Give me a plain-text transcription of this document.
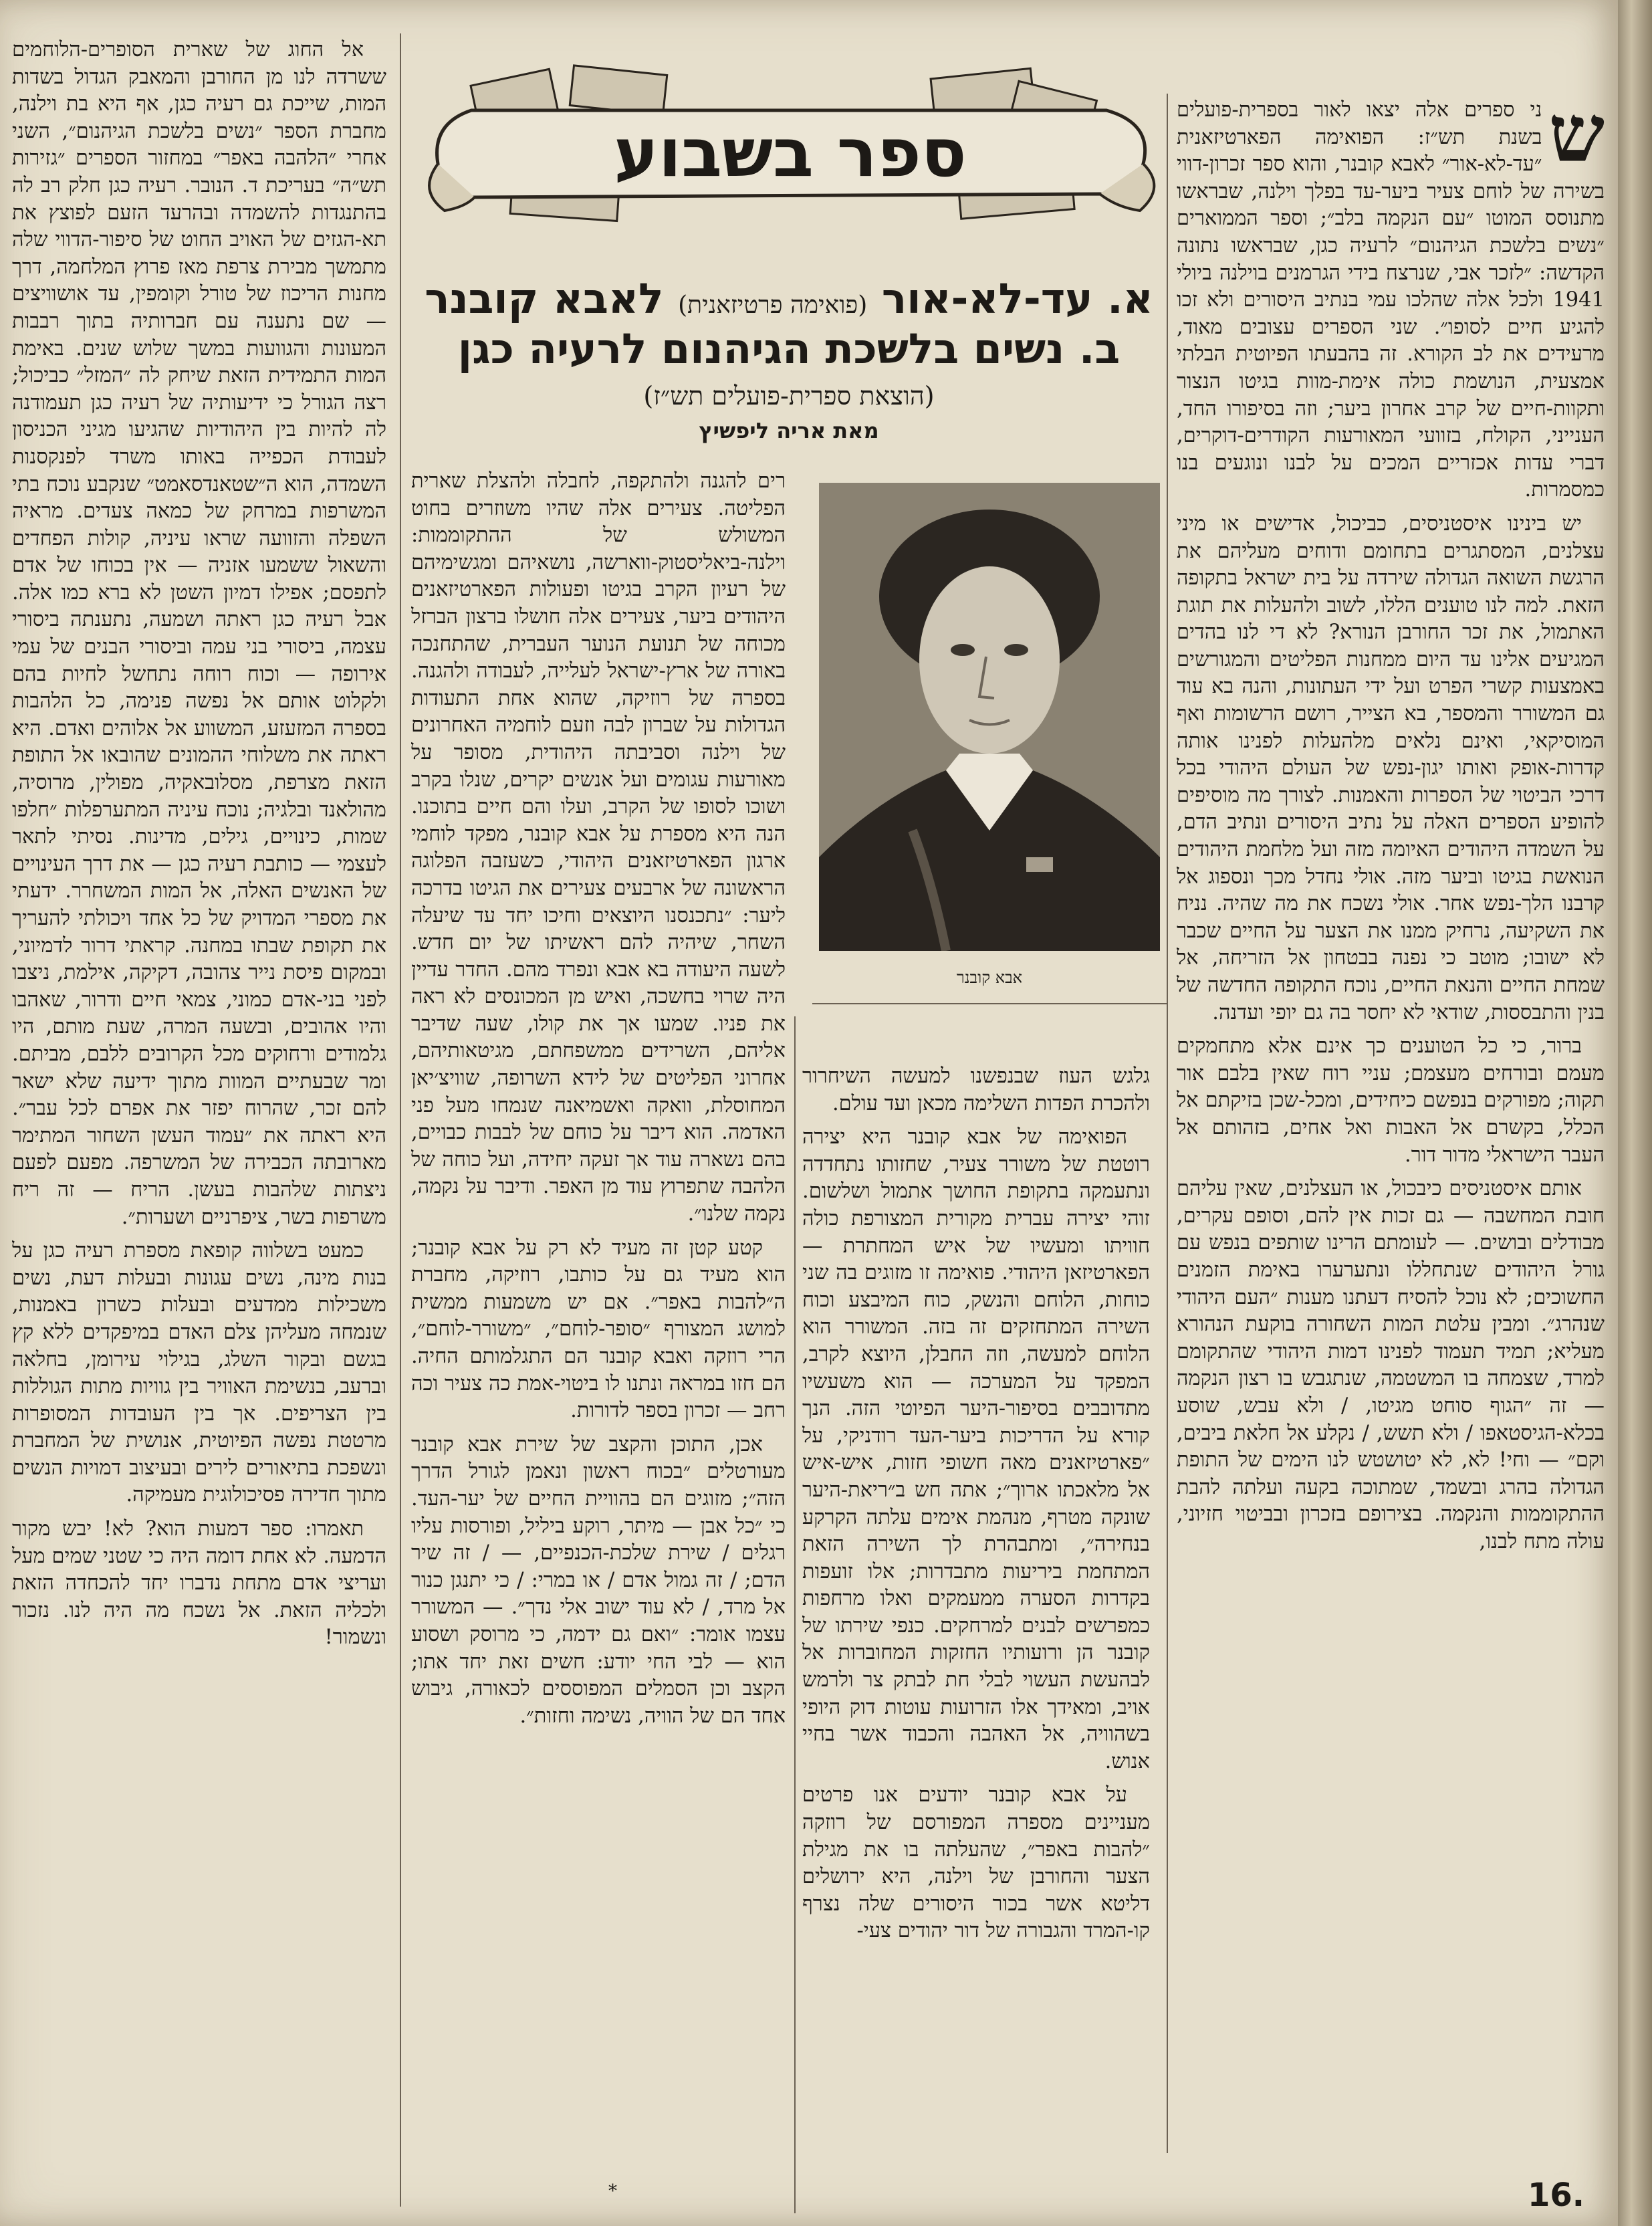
ש

ני ספרים אלה יצאו לאור בספרית-פועלים בשנת תש״ז: הפואימה הפארטיזאנית ״עד-לא-אור״ לאבא קובנר, והוא ספר זכרון-דווי בשירה של לוחם צעיר ביער-עד בפלך וילנה, שבראשו מתנוסס המוטו ״עם הנקמה בלב״; וספר הממוארים ״נשים בלשכת הגיהנום״ לרעיה כגן, שבראשו נתונה הקדשה: ״לזכר אבי, שנרצח בידי הגרמנים בוילנה ביולי 1941 ולכל אלה שהלכו עמי בנתיב היסורים ולא זכו להגיע חיים לסופו״. שני הספרים עצובים מאוד, מרעידים את לב הקורא. זה בהבעתו הפיוטית הבלתי אמצעית, הנושמת כולה אימת-מוות בגיטו הנצור ותקוות-חיים של קרב אחרון ביער; וזה בסיפורו החד, הענייני, הקולח, בזוועי המאורעות הקודרים-דוקרים, דברי עדות אכזריים המכים על לבנו ונוגעים בנו כמסמרות.

יש בינינו איסטניסים, כביכול, אדישים או מיני עצלנים, המסתגרים בתחומם ודוחים מעליהם את הרגשת השואה הגדולה שירדה על בית ישראל בתקופה הזאת. למה לנו טוענים הללו, לשוב ולהעלות את תוגת האתמול, את זכר החורבן הנורא? לא די לנו בהדים המגיעים אלינו עד היום ממחנות הפליטים והמגורשים באמצעות קשרי הפרט ועל ידי העתונות, והנה בא עוד גם המשורר והמספר, בא הצייר, רושם הרשומות ואף המוסיקאי, ואינם נלאים מלהעלות לפנינו אותה קדרות-אופק ואותו יגון-נפש של העולם היהודי בכל דרכי הביטוי של הספרות והאמנות. לצורך מה מוסיפים להופיע הספרים האלה על נתיב היסורים ונתיב הדם, על השמדה היהודים האיומה מזה ועל מלחמת היהודים הנואשת בגיטו וביער מזה. אולי נחדל מכך ונספוג אל קרבנו הלך-נפש אחר. אולי נשכח את מה שהיה. נניח את השקיעה, נרחיק ממנו את הצער על החיים שכבר לא ישובו; מוטב כי נפנה בבטחון אל הזריחה, אל שמחת החיים והנאת החיים, נוכח התקופה החדשה של בנין והתבססות, שודאי לא יחסר בה גם יופי ועדנה.

ברור, כי כל הטוענים כך אינם אלא מתחמקים מעמם ובורחים מעצמם; עניי רוח שאין בלבם אור תקוה; מפורקים בנפשם כיחידים, ומכל-שכן בזיקתם אל הכלל, בקשרם אל האבות ואל אחים, בזהותם אל העבר הישראלי מדור דור.

אותם איסטניסים כיבכול, או העצלנים, שאין עליהם חובת המחשבה — גם זכות אין להם, וסופם עקרים, מבודלים ובושים. — לעומתם הרינו שותפים בנפש עם גורל היהודים שנתחללו ונתערערו באימת הזמנים החשוכים; לא נוכל להסיח דעתנו מענות ״העם היהודי שנהרג״. ומבין עלטת המות השחורה בוקעת הנהורא מעליא; תמיד תעמוד לפנינו דמות היהודי שהתקומם למרד, שצמחה בו המשטמה, שנתגבש בו רצון הנקמה — זה ״הגוף סוחט מגיטו, / ולא עבש, שוסע בכלא-הגיסטאפו / ולא תשש, / נקלע אל חלאת ביבים, וקם״ — וחי! לא, לא יטושטש לנו הימים של התופת הגדולה בהרג ובשמד, שמתוכה בקעה ועלתה להבת ההתקוממות והנקמה. בצירופם בזכרון ובביטוי חזיוני, עולה מתח לבנו,

ספר בשבוע
א. עד-לא-אור (פואימה פרטיזאנית) לאבא קובנר
ב. נשים בלשכת הגיהנום לרעיה כגן
(הוצאת ספרית-פועלים תש״ז)
מאת אריה ליפשיץ
אבא קובנר

גלגש העוז שבנפשנו למעשה השיחרור ולהכרת הפדות השלימה מכאן ועד עולם.

הפואימה של אבא קובנר היא יצירה רוטטת של משורר צעיר, שחזותו נתחדדה ונתעמקה בתקופת החושך אתמול ושלשום. זוהי יצירה עברית מקורית המצורפת כולה חוויתו ומעשיו של איש המחתרת — הפארטיזאן היהודי. פואימה זו מזוגים בה שני כוחות, הלוחם והנשק, כוח המיבצע וכוח השירה המתחזקים זה בזה. המשורר הוא הלוחם למעשה, וזה החבלן, היוצא לקרב, המפקד על המערכה — הוא משעשיו מתדובבים בסיפור-היער הפיוטי הזה. הנך קורא על הדריכות ביער-העד רודניקי, על ״פארטיזאנים מאה חשופי חזות, איש-איש אל מלאכתו ארוך״; אתה חש ב״ריאת-היער שונקה מטרף, מנהמת אימים עלתה הקרקע בנחירה״, ומתבהרת לך השירה הזאת המתחמת ביריעות מתבדרות; אלו זועפות בקדרות הסערה ממעמקים ואלו מרחפות כמפרשים לבנים למרחקים. כנפי שירתו של קובנר הן ורועותיו החזקות המחוברות אל לבהעשת העשוי לבלי חת לבתק צר ולרמש אויב, ומאידך אלו הזרועות עוטות דוק היופי בשהוויה, אל האהבה והכבוד אשר בחיי אנוש.

על אבא קובנר יודעים אנו פרטים מעניינים מספרה המפורסם של רוזקה ״להבות באפר״, שהעלתה בו את מגילת הצער והחורבן של וילנה, היא ירושלים דליטא אשר בכור היסורים שלה נצרף קו-המרד והגבורה של דור יהודים צעי-

רים להגנה ולהתקפה, לחבלה ולהצלת שארית הפליטה. צעירים אלה שהיו משוזרים בחוט המשולש של ההתקוממות: וילנה-ביאליסטוק-ווארשה, נושאיהם ומגשימיהם של רעיון הקרב בגיטו ופעולות הפארטיזאנים היהודים ביער, צעירים אלה חושלו ברצון הברזל מכוחה של תנועת הנוער העברית, שהתחנכה באורה של ארץ-ישראל לעלייה, לעבודה ולהגנה. בספרה של רוזיקה, שהוא אחת התעודות הגדולות על שברון לבה וזעם לוחמיה האחרונים של וילנה וסביבתה היהודית, מסופר על מאורעות עגומים ועל אנשים יקרים, שנלו בקרב ושוכו לסופו של הקרב, ועלו והם חיים בתוכנו. הנה היא מספרת על אבא קובנר, מפקד לוחמי ארגון הפארטיזאנים היהודי, כשעזבה הפלוגה הראשונה של ארבעים צעירים את הגיטו בדרכה ליער: ״נתכנסנו היוצאים וחיכו יחד עד שיעלה השחר, שיהיה להם ראשיתו של יום חדש. לשעה היעודה בא אבא ונפרד מהם. החדר עדיין היה שרוי בחשכה, ואיש מן המכונסים לא ראה את פניו. שמעו אך את קולו, שעה שדיבר אליהם, השרידים ממשפחתם, מגיטאותיהם, אחרוני הפליטים של לידא השרופה, שוויצ׳יאן המחוסלת, וואקה ואשמיאנה שנמחו מעל פני האדמה. הוא דיבר על כוחם של לבבות כבויים, בהם נשארה עוד אך זעקה יחידה, ועל כוחה של הלהבה שתפרוץ עוד מן האפר. ודיבר על נקמה, נקמה שלנו״.

קטע קטן זה מעיד לא רק על אבא קובנר; הוא מעיד גם על כותבו, רוזיקה, מחברת ה״להבות באפר״. אם יש משמעות ממשית למושג המצורף ״סופר-לוחם״, ״משורר-לוחם״, הרי רוזקה ואבא קובנר הם התגלמותם החיה. הם חזו במראה ונתנו לו ביטוי-אמת כה צעיר וכה רחב — זכרון בספר לדורות.

אכן, התוכן והקצב של שירת אבא קובנר מעורטלים ״בכוח ראשון ונאמן לגורל הדרך הזה״; מזוגים הם בהוויית החיים של יער-העד. כי ״כל אבן — מיתר, רוקע ביליל, ופורסות עליו רגלים / שירת שלכת-הכנפיים, — / זה שיר הדם; / זה גמול אדם / או במרי: / כי יתנגן כנור אל מרד, / לא עוד ישוב אלי נדך״. — המשורר עצמו אומר: ״ואם גם ידמה, כי מרוסק ושסוע הוא — לבי החי יודע: חשים זאת יחד אתו; הקצב וכן הסמלים המפוססים לכאורה, גיבוש אחד הם של הוויה, נשימה וחזות״.

אל החוג של שארית הסופרים-הלוחמים ששרדה לנו מן החורבן והמאבק הגדול בשדות המות, שייכת גם רעיה כגן, אף היא בת וילנה, מחברת הספר ״נשים בלשכת הגיהנום״, השני אחרי ״הלהבה באפר״ במחזור הספרים ״גזירות תש״ה״ בעריכת ד. הנובר. רעיה כגן חלק רב לה בהתנגדות להשמדה ובהרעד הזעם לפוצץ את תא-הגזים של האויב החוט של סיפור-הדווי שלה מתמשך מבירת צרפת מאז פרוץ המלחמה, דרך מחנות הריכוז של טורל וקומפין, עד אושוויצים — שם נתענה עם חברותיה בתוך רבבות המעונות והגוועות במשך שלוש שנים. באימת המות התמידית הזאת שיחק לה ״המזל״ כביכול; רצה הגורל כי ידיעותיה של רעיה כגן תעמודנה לה להיות בין היהודיות שהגיעו מגיני הכניסון לעבודת הכפייה באותו משרד לפנקסנות השמדה, הוא ה״שטאנדסאמט״ שנקבע נוכח בתי המשרפות במרחק של כמאה צעדים. מראיה השפלה והזוועה שראו עיניה, קולות הפחדים והשאול ששמעו אזניה — אין בכוחו של אדם לתפסם; אפילו דמיון השטן לא ברא כמו אלה. אבל רעיה כגן ראתה ושמעה, נתענתה ביסורי עצמה, ביסורי בני עמה וביסורי הבנים של עמי אירופה — וכוח רוחה נתחשל לחיות בהם ולקלוט אותם אל נפשה פנימה, כל הלהבות בספרה המזעזע, המשווע אל אלוהים ואדם. היא ראתה את משלוחי ההמונים שהובאו אל התופת הזאת מצרפת, מסלובאקיה, מפולין, מרוסיה, מהולאנד ובלגיה; נוכח עיניה המתערפלות ״חלפו שמות, כינויים, גילים, מדינות. נסיתי לתאר לעצמי — כותבת רעיה כגן — את דרך העינויים של האנשים האלה, אל המות המשחרר. ידעתי את מספרי המדויק של כל אחד ויכולתי להעריך את תקופת שבתו במחנה. קראתי דרור לדמיוני, ובמקום פיסת נייר צהובה, דקיקה, אילמת, ניצבו לפני בני-אדם כמוני, צמאי חיים ודרור, שאהבו והיו אהובים, ובשעה המרה, שעת מותם, היו גלמודים ורחוקים מכל הקרובים ללבם, מביתם. ומר שבעתיים המוות מתוך ידיעה שלא ישאר להם זכר, שהרוח יפזר את אפרם לכל עבר״. היא ראתה את ״עמוד העשן השחור המתימר מארובתה הכבירה של המשרפה. מפעם לפעם ניצתות שלהבות בעשן. הריח — זה ריח משרפות בשר, ציפרניים ושערות״.

כמעט בשלווה קופאת מספרת רעיה כגן על בנות מינה, נשים עגונות ובעלות דעת, נשים משכילות ממדעים ובעלות כשרון באמנות, שנמחה מעליהן צלם האדם במיפקדים ללא קץ בגשם ובקור השלג, בגילוי עירומן, בחלאה וברעב, בנשימת האוויר בין גוויות מתות הגוללות בין הצריפים. אך בין העובדות המסופרות מרטטת נפשה הפיוטית, אנושית של המחברת ונשפכת בתיאורים לירים ובעיצוב דמויות הנשים מתוך חדירה פסיכולוגית מעמיקה.

תאמרו: ספר דמעות הוא? לא! יבש מקור הדמעה. לא אחת דומה היה כי שטני שמים מעל ועריצי אדם מתחת נדברו יחד להכחדה הזאת ולכליה הזאת. אל נשכח מה היה לנו. נזכור ונשמור!

*	16.
